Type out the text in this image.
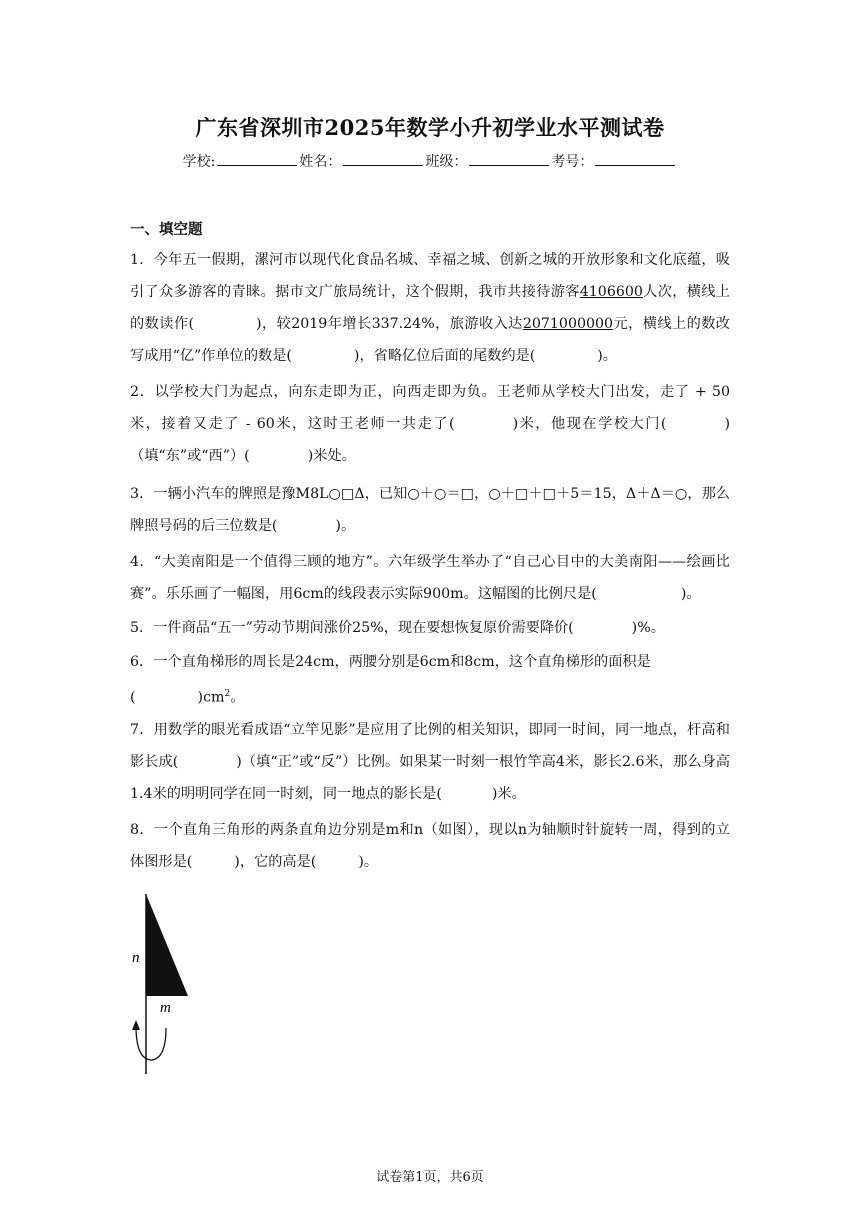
广东省深圳市2025年数学小升初学业水平测试卷
学校:	姓名：	班级：	考号：
一、填空题
1．今年五一假期，漯河市以现代化食品名城、幸福之城、创新之城的开放形象和文化底蕴，吸引了众多游客的青睐。据市文广旅局统计，这个假期，我市共接待游客4106600人次，横线上的数读作(	)，较2019年增长337.24%，旅游收入达2071000000元，横线上的数改写成用“亿”作单位的数是(	)，省略亿位后面的尾数约是(	)。
2．以学校大门为起点，向东走即为正，向西走即为负。王老师从学校大门出发，走了 + 50米，接着又走了 - 60米，这时王老师一共走了(	)米，他现在学校大门(	)（填“东”或“西”）(	)米处。
3．一辆小汽车的牌照是豫M8L○□Δ，已知○＋○＝□，○＋□＋□＋5＝15，Δ＋Δ＝○，那么牌照号码的后三位数是(	)。
4．“大美南阳是一个值得三顾的地方”。六年级学生举办了“自己心目中的大美南阳——绘画比赛”。乐乐画了一幅图，用6cm的线段表示实际900m。这幅图的比例尺是(	)。
5．一件商品“五一”劳动节期间涨价25%，现在要想恢复原价需要降价(	)%。
6．一个直角梯形的周长是24cm，两腰分别是6cm和8cm，这个直角梯形的面积是
(	)$cm^2$。
7．用数学的眼光看成语“立竿见影”是应用了比例的相关知识，即同一时间，同一地点，杆高和影长成(	)（填“正”或“反”）比例。如果某一时刻一根竹竿高4米，影长2.6米，那么身高1.4米的明明同学在同一时刻，同一地点的影长是(	)米。
8．一个直角三角形的两条直角边分别是m和n（如图），现以n为轴顺时针旋转一周，得到的立体图形是(	)，它的高是(	)。
n
m
试卷第1页，共6页
